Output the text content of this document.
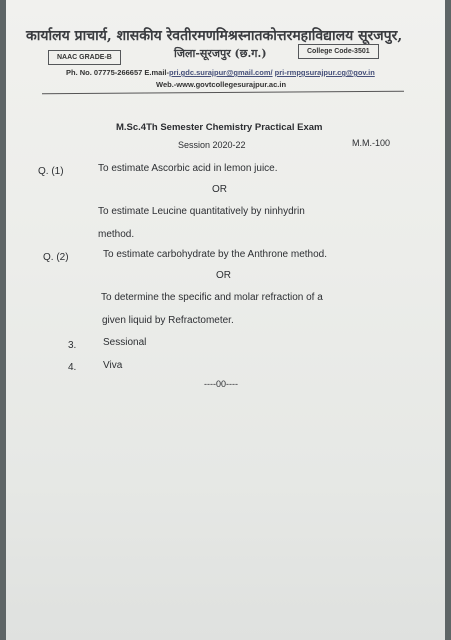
कार्यालय प्राचार्य, शासकीय रेवतीरमणमिश्रस्नातकोत्तरमहाविद्यालय सूरजपुर,
जिला-सूरजपुर (छ.ग.)
NAAC GRADE-B
College Code-3501
Ph. No. 07775-266657 E.mail-pri.gdc.surajpur@gmail.com/ pri-rmpgsurajpur.cg@gov.in
Web.-www.govtcollegesurajpur.ac.in
M.Sc.4Th Semester Chemistry Practical Exam
Session 2020-22	M.M.-100
Q. (1)	To estimate Ascorbic acid in lemon juice.
OR
To estimate Leucine quantitatively by ninhydrin
method.
Q. (2)	To estimate carbohydrate by the Anthrone method.
OR
To determine the specific and molar refraction of a
given liquid by Refractometer.
3.	Sessional
4.	Viva
----00----
